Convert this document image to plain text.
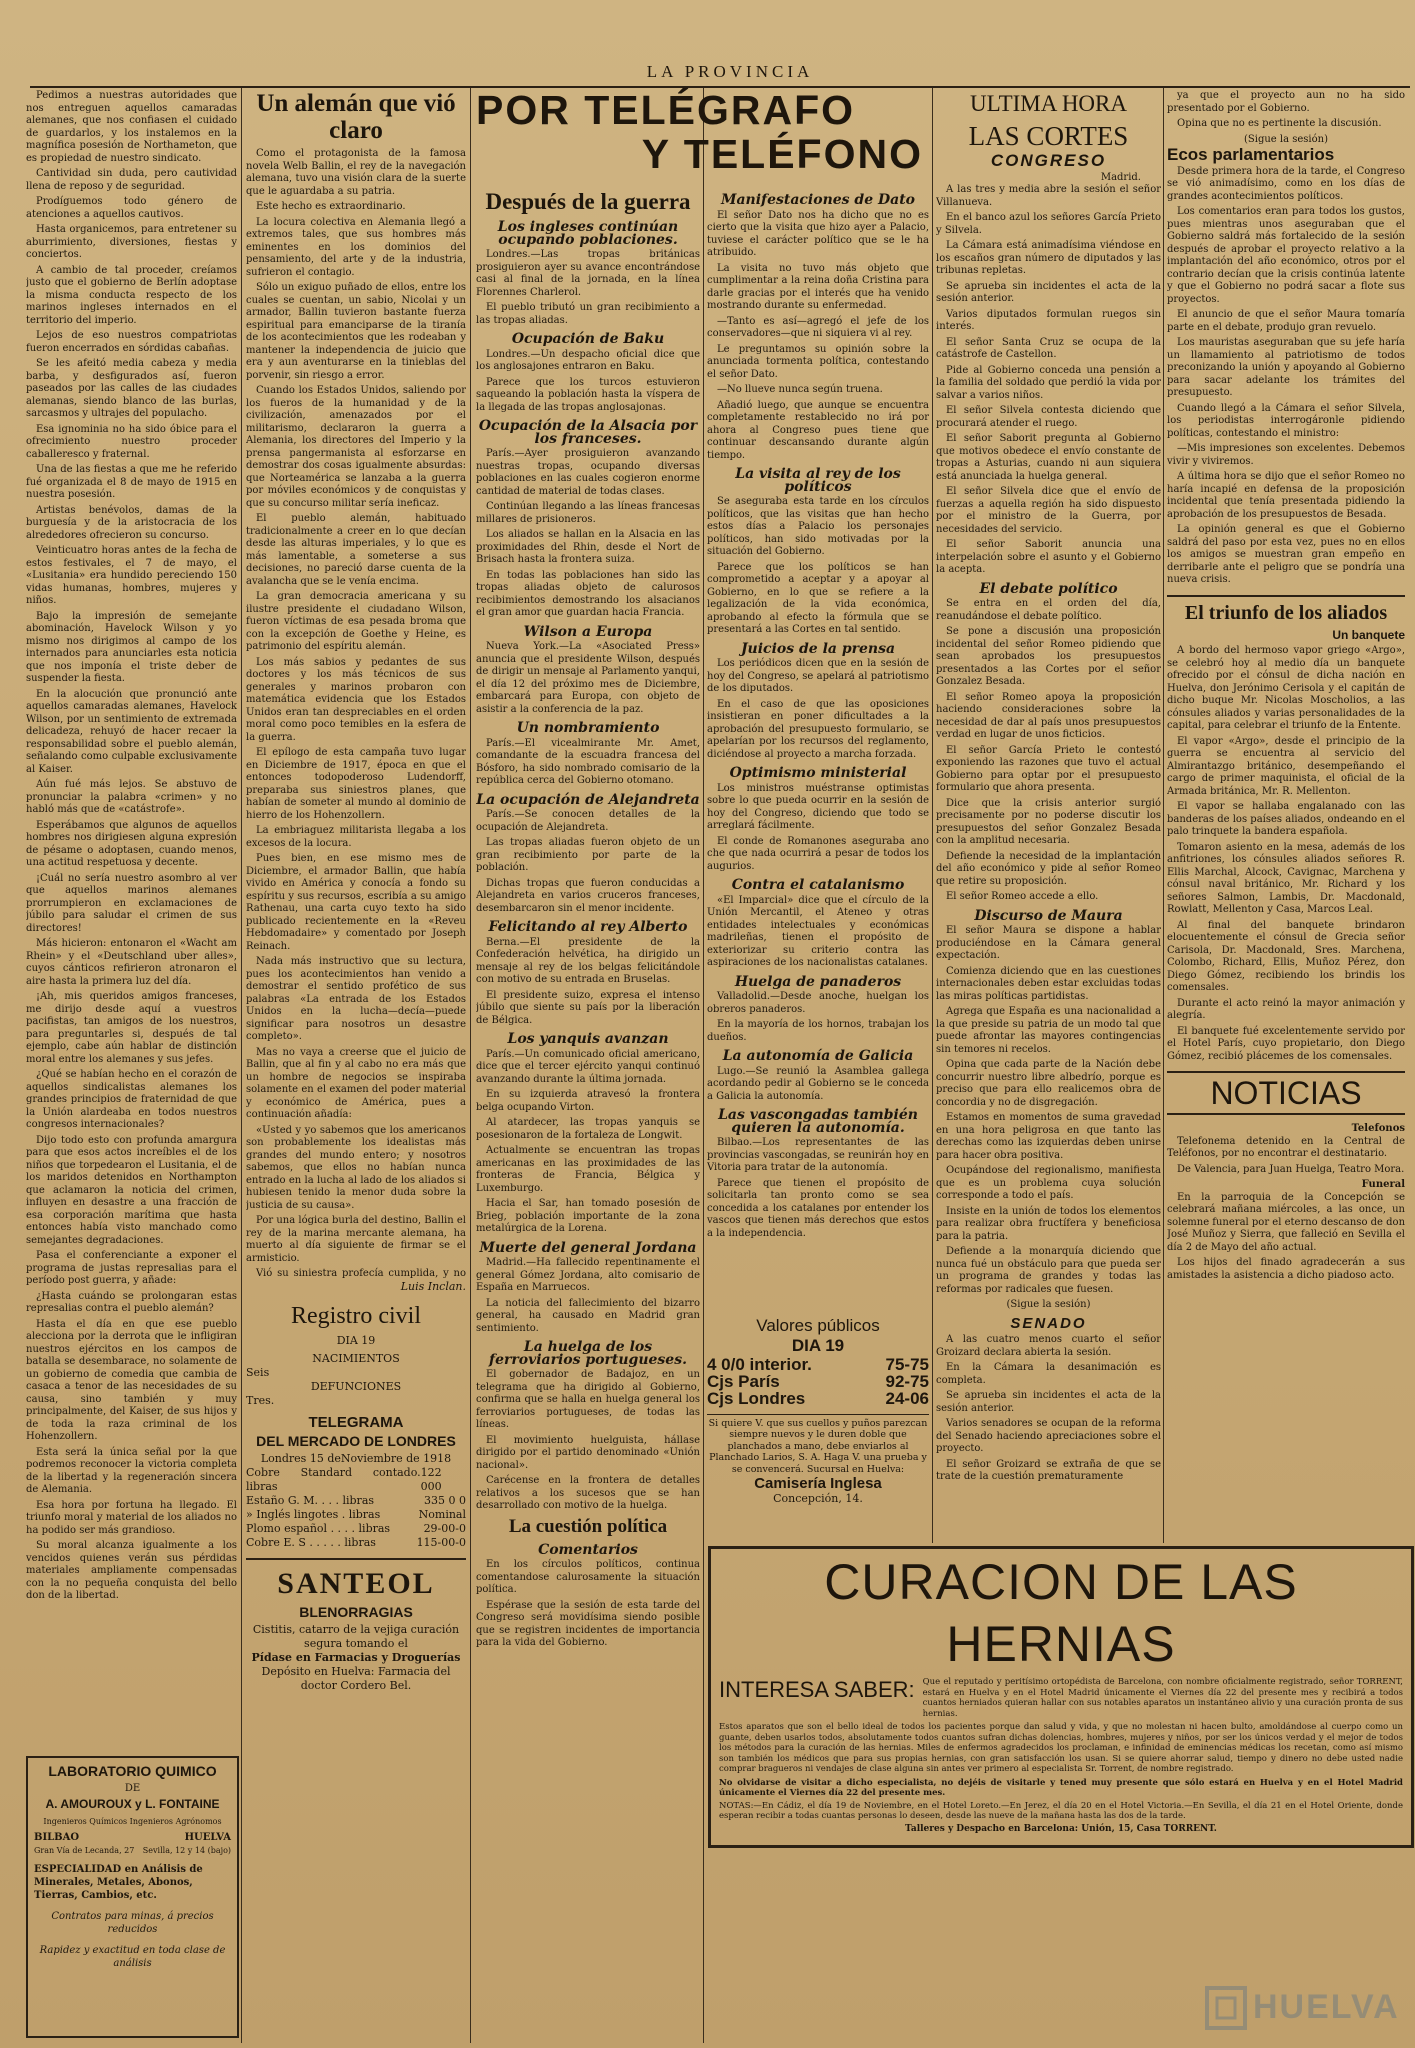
LA PROVINCIA

Pedimos a nuestras autoridades que nos entreguen aquellos camaradas alemanes, que nos confiasen el cuidado de guardarlos, y los instalemos en la magnífica posesión de Northameton, que es propiedad de nuestro sindicato.

Cantividad sin duda, pero cautividad llena de reposo y de seguridad.

Prodíguemos todo género de atenciones a aquellos cautivos.

Hasta organicemos, para entretener su aburrimiento, diversiones, fiestas y conciertos.

A cambio de tal proceder, creíamos justo que el gobierno de Berlín adoptase la misma conducta respecto de los marinos ingleses internados en el territorio del imperio.

Lejos de eso nuestros compatriotas fueron encerrados en sórdidas cabañas.

Se les afeitó media cabeza y media barba, y desfigurados así, fueron paseados por las calles de las ciudades alemanas, siendo blanco de las burlas, sarcasmos y ultrajes del populacho.

Esa ignominia no ha sido óbice para el ofrecimiento nuestro proceder caballeresco y fraternal.

Una de las fiestas a que me he referido fué organizada el 8 de mayo de 1915 en nuestra posesión.

Artistas benévolos, damas de la burguesía y de la aristocracia de los alrededores ofrecieron su concurso.

Veinticuatro horas antes de la fecha de estos festivales, el 7 de mayo, el «Lusitania» era hundido pereciendo 150 vidas humanas, hombres, mujeres y niños.

Bajo la impresión de semejante abominación, Havelock Wilson y yo mismo nos dirigimos al campo de los internados para anunciarles esta noticia que nos imponía el triste deber de suspender la fiesta.

En la alocución que pronunció ante aquellos camaradas alemanes, Havelock Wilson, por un sentimiento de extremada delicadeza, rehuyó de hacer recaer la responsabilidad sobre el pueblo alemán, señalando como culpable exclusivamente al Kaiser.

Aún fué más lejos. Se abstuvo de pronunciar la palabra «crimen» y no habló más que de «catástrofe».

Esperábamos que algunos de aquellos hombres nos dirigiesen alguna expresión de pésame o adoptasen, cuando menos, una actitud respetuosa y decente.

¡Cuál no sería nuestro asombro al ver que aquellos marinos alemanes prorrumpieron en exclamaciones de júbilo para saludar el crimen de sus directores!

Más hicieron: entonaron el «Wacht am Rhein» y el «Deutschland uber alles», cuyos cánticos refirieron atronaron el aire hasta la primera luz del día.

¡Ah, mis queridos amigos franceses, me dirijo desde aquí a vuestros pacifistas, tan amigos de los nuestros, para preguntarles si, después de tal ejemplo, cabe aún hablar de distinción moral entre los alemanes y sus jefes.

¿Qué se habían hecho en el corazón de aquellos sindicalistas alemanes los grandes principios de fraternidad de que la Unión alardeaba en todos nuestros congresos internacionales?

Dijo todo esto con profunda amargura para que esos actos increíbles el de los niños que torpedearon el Lusitania, el de los maridos detenidos en Northampton que aclamaron la noticia del crimen, influyen en desastre a una fracción de esa corporación marítima que hasta entonces había visto manchado como semejantes degradaciones.

Pasa el conferenciante a exponer el programa de justas represalias para el período post guerra, y añade:

¿Hasta cuándo se prolongaran estas represalias contra el pueblo alemán?

Hasta el día en que ese pueblo alecciona por la derrota que le infligiran nuestros ejércitos en los campos de batalla se desembarace, no solamente de un gobierno de comedia que cambia de casaca a tenor de las necesidades de su causa, sino también y muy principalmente, del Kaiser, de sus hijos y de toda la raza criminal de los Hohenzollern.

Esta será la única señal por la que podremos reconocer la victoria completa de la libertad y la regeneración sincera de Alemania.

Esa hora por fortuna ha llegado. El triunfo moral y material de los aliados no ha podido ser más grandioso.

Su moral alcanza igualmente a los vencidos quienes verán sus pérdidas materiales ampliamente compensadas con la no pequeña conquista del bello don de la libertad.

LABORATORIO QUIMICO
DE
A. AMOUROUX y L. FONTAINE
Ingenieros Químicos Ingenieros Agrónomos
BILBAO	HUELVA
Gran Vía de Lecanda, 27 Sevilla, 12 y 14 (bajo)
ESPECIALIDAD en Análisis de Minerales, Metales, Abonos, Tierras, Cambios, etc.
Contratos para minas, á precios reducidos
Rapidez y exactitud en toda clase de análisis
Un alemán que vió claro

Como el protagonista de la famosa novela Welb Ballin, el rey de la navegación alemana, tuvo una visión clara de la suerte que le aguardaba a su patria.

Este hecho es extraordinario.

La locura colectiva en Alemania llegó a extremos tales, que sus hombres más eminentes en los dominios del pensamiento, del arte y de la industria, sufrieron el contagio.

Sólo un exiguo puñado de ellos, entre los cuales se cuentan, un sabio, Nicolai y un armador, Ballin tuvieron bastante fuerza espiritual para emanciparse de la tiranía de los acontecimientos que les rodeaban y mantener la independencia de juicio que era y aun aventurarse en la tinieblas del porvenir, sin riesgo a error.

Cuando los Estados Unidos, saliendo por los fueros de la humanidad y de la civilización, amenazados por el militarismo, declararon la guerra a Alemania, los directores del Imperio y la prensa pangermanista al esforzarse en demostrar dos cosas igualmente absurdas: que Norteamérica se lanzaba a la guerra por móviles económicos y de conquistas y que su concurso militar sería ineficaz.

El pueblo alemán, habituado tradicionalmente a creer en lo que decían desde las alturas imperiales, y lo que es más lamentable, a someterse a sus decisiones, no pareció darse cuenta de la avalancha que se le venía encima.

La gran democracia americana y su ilustre presidente el ciudadano Wilson, fueron víctimas de esa pesada broma que con la excepción de Goethe y Heine, es patrimonio del espíritu alemán.

Los más sabios y pedantes de sus doctores y los más técnicos de sus generales y marinos probaron con matemática evidencia que los Estados Unidos eran tan despreciables en el orden moral como poco temibles en la esfera de la guerra.

El epílogo de esta campaña tuvo lugar en Diciembre de 1917, época en que el entonces todopoderoso Ludendorff, preparaba sus siniestros planes, que habían de someter al mundo al dominio de hierro de los Hohenzollern.

La embriaguez militarista llegaba a los excesos de la locura.

Pues bien, en ese mismo mes de Diciembre, el armador Ballin, que había vivido en América y conocía a fondo su espíritu y sus recursos, escribía a su amigo Rathenau, una carta cuyo texto ha sido publicado recientemente en la «Reveu Hebdomadaire» y comentado por Joseph Reinach.

Nada más instructivo que su lectura, pues los acontecimientos han venido a demostrar el sentido profético de sus palabras «La entrada de los Estados Unidos en la lucha—decía—puede significar para nosotros un desastre completo».

Mas no vaya a creerse que el juicio de Ballin, que al fin y al cabo no era más que un hombre de negocios se inspiraba solamente en el examen del poder material y económico de América, pues a continuación añadía:

«Usted y yo sabemos que los americanos son probablemente los idealistas más grandes del mundo entero; y nosotros sabemos, que ellos no habían nunca entrado en la lucha al lado de los aliados si hubiesen tenido la menor duda sobre la justicia de su causa».

Por una lógica burla del destino, Ballin el rey de la marina mercante alemana, ha muerto al día siguiente de firmar se el armisticio.

Vió su siniestra profecía cumplida, y no

Luis Inclan.
Registro civil
DIA 19
NACIMIENTOS
Seis
DEFUNCIONES
Tres.
TELEGRAMA
DEL MERCADO DE LONDRES
Londres 15 deNoviembre de 1918
Cobre Standard contado. libras
122 000
Estaño G. M. . . . libras	335 0 0
» Inglés lingotes . libras	Nominal
Plomo español . . . . libras	29-00-0
Cobre E. S . . . . . libras	115-00-0
SANTEOL
BLENORRAGIAS
Cistitis, catarro de la vejiga curación segura tomando el
Pídase en Farmacias y Droguerías
Depósito en Huelva: Farmacia del doctor Cordero Bel.
POR TELÉGRAFO
Y TELÉFONO
Después de la guerra
Los ingleses continúan ocupando poblaciones.

Londres.—Las tropas británicas prosiguieron ayer su avance encontrándose casi al final de la jornada, en la línea Florennes Charlerol.

El pueblo tributó un gran recibimiento a las tropas aliadas.

Ocupación de Baku

Londres.—Un despacho oficial dice que los anglosajones entraron en Baku.

Parece que los turcos estuvieron saqueando la población hasta la víspera de la llegada de las tropas anglosajonas.

Ocupación de la Alsacia por los franceses.

París.—Ayer prosiguieron avanzando nuestras tropas, ocupando diversas poblaciones en las cuales cogieron enorme cantidad de material de todas clases.

Continúan llegando a las líneas francesas millares de prisioneros.

Los aliados se hallan en la Alsacia en las proximidades del Rhin, desde el Nort de Brisach hasta la frontera suiza.

En todas las poblaciones han sido las tropas aliadas objeto de calurosos recibimientos demostrando los alsacianos el gran amor que guardan hacia Francia.

Wilson a Europa

Nueva York.—La «Asociated Press» anuncia que el presidente Wilson, después de dirigir un mensaje al Parlamento yanqui, el día 12 del próximo mes de Diciembre, embarcará para Europa, con objeto de asistir a la conferencia de la paz.

Un nombramiento

París.—El vicealmirante Mr. Amet, comandante de la escuadra francesa del Bósforo, ha sido nombrado comisario de la república cerca del Gobierno otomano.

La ocupación de Alejandreta

París.—Se conocen detalles de la ocupación de Alejandreta.

Las tropas aliadas fueron objeto de un gran recibimiento por parte de la población.

Dichas tropas que fueron conducidas a Alejandreta en varios cruceros franceses, desembarcaron sin el menor incidente.

Felicitando al rey Alberto

Berna.—El presidente de la Confederación helvética, ha dirigido un mensaje al rey de los belgas felicitándole con motivo de su entrada en Bruselas.

El presidente suizo, expresa el intenso júbilo que siente su país por la liberación de Bélgica.

Los yanquis avanzan

París.—Un comunicado oficial americano, dice que el tercer ejército yanqui continuó avanzando durante la última jornada.

En su izquierda atravesó la frontera belga ocupando Virton.

Al atardecer, las tropas yanquis se posesionaron de la fortaleza de Longwit.

Actualmente se encuentran las tropas americanas en las proximidades de las fronteras de Francia, Bélgica y Luxemburgo.

Hacia el Sar, han tomado posesión de Brieg, población importante de la zona metalúrgica de la Lorena.

Muerte del general Jordana

Madrid.—Ha fallecido repentinamente el general Gómez Jordana, alto comisario de España en Marruecos.

La noticia del fallecimiento del bizarro general, ha causado en Madrid gran sentimiento.

La huelga de los ferroviarios portugueses.

El gobernador de Badajoz, en un telegrama que ha dirigido al Gobierno, confirma que se halla en huelga general los ferroviarios portugueses, de todas las líneas.

El movimiento huelguista, hállase dirigido por el partido denominado «Unión nacional».

Carécense en la frontera de detalles relativos a los sucesos que se han desarrollado con motivo de la huelga.

La cuestión política
Comentarios

En los círculos políticos, continua comentandose calurosamente la situación política.

Espérase que la sesión de esta tarde del Congreso será movidísima siendo posible que se registren incidentes de importancia para la vida del Gobierno.

Manifestaciones de Dato

El señor Dato nos ha dicho que no es cierto que la visita que hizo ayer a Palacio, tuviese el carácter político que se le ha atribuido.

La visita no tuvo más objeto que cumplimentar a la reina doña Cristina para darle gracias por el interés que ha venido mostrando durante su enfermedad.

—Tanto es así—agregó el jefe de los conservadores—que ni siquiera vi al rey.

Le preguntamos su opinión sobre la anunciada tormenta política, contestando el señor Dato.

—No llueve nunca según truena.

Añadió luego, que aunque se encuentra completamente restablecido no irá por ahora al Congreso pues tiene que continuar descansando durante algún tiempo.

La visita al rey de los políticos

Se aseguraba esta tarde en los círculos políticos, que las visitas que han hecho estos días a Palacio los personajes políticos, han sido motivadas por la situación del Gobierno.

Parece que los políticos se han comprometido a aceptar y a apoyar al Gobierno, en lo que se refiere a la legalización de la vida económica, aprobando al efecto la fórmula que se presentará a las Cortes en tal sentido.

Juicios de la prensa

Los periódicos dicen que en la sesión de hoy del Congreso, se apelará al patriotismo de los diputados.

En el caso de que las oposiciones insistieran en poner dificultades a la aprobación del presupuesto formulario, se apelarían por los recursos del reglamento, diciéndose al proyecto a marcha forzada.

Optimismo ministerial

Los ministros muéstranse optimistas sobre lo que pueda ocurrir en la sesión de hoy del Congreso, diciendo que todo se arreglará fácilmente.

El conde de Romanones aseguraba ano che que nada ocurrirá a pesar de todos los augurios.

Contra el catalanismo

«El Imparcial» dice que el círculo de la Unión Mercantil, el Ateneo y otras entidades intelectuales y económicas madrileñas, tienen el propósito de exteriorizar su criterio contra las aspiraciones de los nacionalistas catalanes.

Huelga de panaderos

Valladolid.—Desde anoche, huelgan los obreros panaderos.

En la mayoría de los hornos, trabajan los dueños.

La autonomía de Galicia

Lugo.—Se reunió la Asamblea gallega acordando pedir al Gobierno se le conceda a Galicia la autonomía.

Las vascongadas también quieren la autonomía.

Bilbao.—Los representantes de las provincias vascongadas, se reunirán hoy en Vitoria para tratar de la autonomía.

Parece que tienen el propósito de solicitarla tan pronto como se sea concedida a los catalanes por entender los vascos que tienen más derechos que estos a la independencia.

Valores públicos
DIA 19
4 0/0 interior.	75-75
Cjs París	92-75
Cjs Londres	24-06
Si quiere V. que sus cuellos y puños parezcan siempre nuevos y le duren doble que planchados a mano, debe enviarlos al Planchado Larios, S. A. Haga V. una prueba y se convencerá. Sucursal en Huelva:
Camisería Inglesa
Concepción, 14.
ULTIMA HORA
LAS CORTES
CONGRESO
Madrid.

A las tres y media abre la sesión el señor Villanueva.

En el banco azul los señores García Prieto y Silvela.

La Cámara está animadísima viéndose en los escaños gran número de diputados y las tribunas repletas.

Se aprueba sin incidentes el acta de la sesión anterior.

Varios diputados formulan ruegos sin interés.

El señor Santa Cruz se ocupa de la catástrofe de Castellon.

Pide al Gobierno conceda una pensión a la familia del soldado que perdió la vida por salvar a varios niños.

El señor Silvela contesta diciendo que procurará atender el ruego.

El señor Saborit pregunta al Gobierno que motivos obedece el envío constante de tropas a Asturias, cuando ni aun siquiera está anunciada la huelga general.

El señor Silvela dice que el envío de fuerzas a aquella región ha sido dispuesto por el ministro de la Guerra, por necesidades del servicio.

El señor Saborit anuncia una interpelación sobre el asunto y el Gobierno la acepta.

El debate político

Se entra en el orden del día, reanudándose el debate político.

Se pone a discusión una proposición incidental del señor Romeo pidiendo que sean aprobados los presupuestos presentados a las Cortes por el señor Gonzalez Besada.

El señor Romeo apoya la proposición haciendo consideraciones sobre la necesidad de dar al país unos presupuestos verdad en lugar de unos ficticios.

El señor García Prieto le contestó exponiendo las razones que tuvo el actual Gobierno para optar por el presupuesto formulario que ahora presenta.

Dice que la crisis anterior surgió precisamente por no poderse discutir los presupuestos del señor Gonzalez Besada con la amplitud necesaria.

Defiende la necesidad de la implantación del año económico y pide al señor Romeo que retire su proposición.

El señor Romeo accede a ello.

Discurso de Maura

El señor Maura se dispone a hablar produciéndose en la Cámara general expectación.

Comienza diciendo que en las cuestiones internacionales deben estar excluidas todas las miras políticas partidistas.

Agrega que España es una nacionalidad a la que preside su patria de un modo tal que puede afrontar las mayores contingencias sin temores ni recelos.

Opina que cada parte de la Nación debe concurrir nuestro libre albedrío, porque es preciso que para ello realicemos obra de concordia y no de disgregación.

Estamos en momentos de suma gravedad en una hora peligrosa en que tanto las derechas como las izquierdas deben unirse para hacer obra positiva.

Ocupándose del regionalismo, manifiesta que es un problema cuya solución corresponde a todo el país.

Insiste en la unión de todos los elementos para realizar obra fructífera y beneficiosa para la patria.

Defiende a la monarquía diciendo que nunca fué un obstáculo para que pueda ser un programa de grandes y todas las reformas por radicales que fuesen.

(Sigue la sesión)
SENADO

A las cuatro menos cuarto el señor Groizard declara abierta la sesión.

En la Cámara la desanimación es completa.

Se aprueba sin incidentes el acta de la sesión anterior.

Varios senadores se ocupan de la reforma del Senado haciendo apreciaciones sobre el proyecto.

El señor Groizard se extraña de que se trate de la cuestión prematuramente

ya que el proyecto aun no ha sido presentado por el Gobierno.

Opina que no es pertinente la discusión.

(Sigue la sesión)
Ecos parlamentarios

Desde primera hora de la tarde, el Congreso se vió animadísimo, como en los días de grandes acontecimientos políticos.

Los comentarios eran para todos los gustos, pues mientras unos aseguraban que el Gobierno saldrá más fortalecido de la sesión después de aprobar el proyecto relativo a la implantación del año económico, otros por el contrario decían que la crisis continúa latente y que el Gobierno no podrá sacar a flote sus proyectos.

El anuncio de que el señor Maura tomaría parte en el debate, produjo gran revuelo.

Los mauristas aseguraban que su jefe haría un llamamiento al patriotismo de todos preconizando la unión y apoyando al Gobierno para sacar adelante los trámites del presupuesto.

Cuando llegó a la Cámara el señor Silvela, los periodistas interrogáronle pidiendo políticas, contestando el ministro:

—Mis impresiones son excelentes. Debemos vivir y viviremos.

A última hora se dijo que el señor Romeo no haría incapié en defensa de la proposición incidental que tenía presentada pidiendo la aprobación de los presupuestos de Besada.

La opinión general es que el Gobierno saldrá del paso por esta vez, pues no en ellos los amigos se muestran gran empeño en derribarle ante el peligro que se pondría una nueva crisis.

El triunfo de los aliados
Un banquete

A bordo del hermoso vapor griego «Argo», se celebró hoy al medio día un banquete ofrecido por el cónsul de dicha nación en Huelva, don Jerónimo Cerisola y el capitán de dicho buque Mr. Nicolas Moscholios, a las cónsules aliados y varias personalidades de la capital, para celebrar el triunfo de la Entente.

El vapor «Argo», desde el principio de la guerra se encuentra al servicio del Almirantazgo británico, desempeñando el cargo de primer maquinista, el oficial de la Armada británica, Mr. R. Mellenton.

El vapor se hallaba engalanado con las banderas de los países aliados, ondeando en el palo trinquete la bandera española.

Tomaron asiento en la mesa, además de los anfitriones, los cónsules aliados señores R. Ellis Marchal, Alcock, Cavignac, Marchena y cónsul naval británico, Mr. Richard y los señores Salmon, Lambis, Dr. Macdonald, Rowlatt, Mellenton y Casa, Marcos Leal.

Al final del banquete brindaron elocuentemente el cónsul de Grecia señor Carisola, Dr. Macdonald, Sres. Marchena, Colombo, Richard, Ellis, Muñoz Pérez, don Diego Gómez, recibiendo los brindis los comensales.

Durante el acto reinó la mayor animación y alegría.

El banquete fué excelentemente servido por el Hotel París, cuyo propietario, don Diego Gómez, recibió plácemes de los comensales.

NOTICIAS
Telefonos

Telefonema detenido en la Central de Teléfonos, por no encontrar el destinatario.

De Valencia, para Juan Huelga, Teatro Mora.

Funeral

En la parroquia de la Concepción se celebrará mañana miércoles, a las once, un solemne funeral por el eterno descanso de don José Muñoz y Sierra, que falleció en Sevilla el día 2 de Mayo del año actual.

Los hijos del finado agradecerán a sus amistades la asistencia a dicho piadoso acto.

CURACION DE LAS HERNIAS
INTERESA SABER: Que el reputado y peritísimo ortopédista de Barcelona, con nombre oficialmente registrado, señor TORRENT, estará en Huelva y en el Hotel Madrid únicamente el Viernes día 22 del presente mes y recibirá a todos cuantos herniados quieran hallar con sus notables aparatos un instantáneo alivio y una curación pronta de sus hernias.
Estos aparatos que son el bello ideal de todos los pacientes porque dan salud y vida, y que no molestan ni hacen bulto, amoldándose al cuerpo como un guante, deben usarlos todos, absolutamente todos cuantos sufran dichas dolencias, hombres, mujeres y niños, por ser los únicos verdad y el mejor de todos los métodos para la curación de las hernias. Miles de enfermos agradecidos los proclaman, e infinidad de eminencias médicas los recetan, como así mismo son también los médicos que para sus propias hernias, con gran satisfacción los usan. Si se quiere ahorrar salud, tiempo y dinero no debe usted nadie comprar bragueros ni vendajes de clase alguna sin antes ver primero al especialista Sr. Torrent, de nombre registrado.
No olvidarse de visitar a dicho especialista, no dejéis de visitarle y tened muy presente que sólo estará en Huelva y en el Hotel Madrid únicamente el Viernes día 22 del presente mes.
NOTAS:—En Cádiz, el día 19 de Noviembre, en el Hotel Loreto.—En Jerez, el día 20 en el Hotel Victoria.—En Sevilla, el día 21 en el Hotel Oriente, donde esperan recibir a todas cuantas personas lo deseen, desde las nueve de la mañana hasta las dos de la tarde.
Talleres y Despacho en Barcelona: Unión, 15, Casa TORRENT.
HUELVA
